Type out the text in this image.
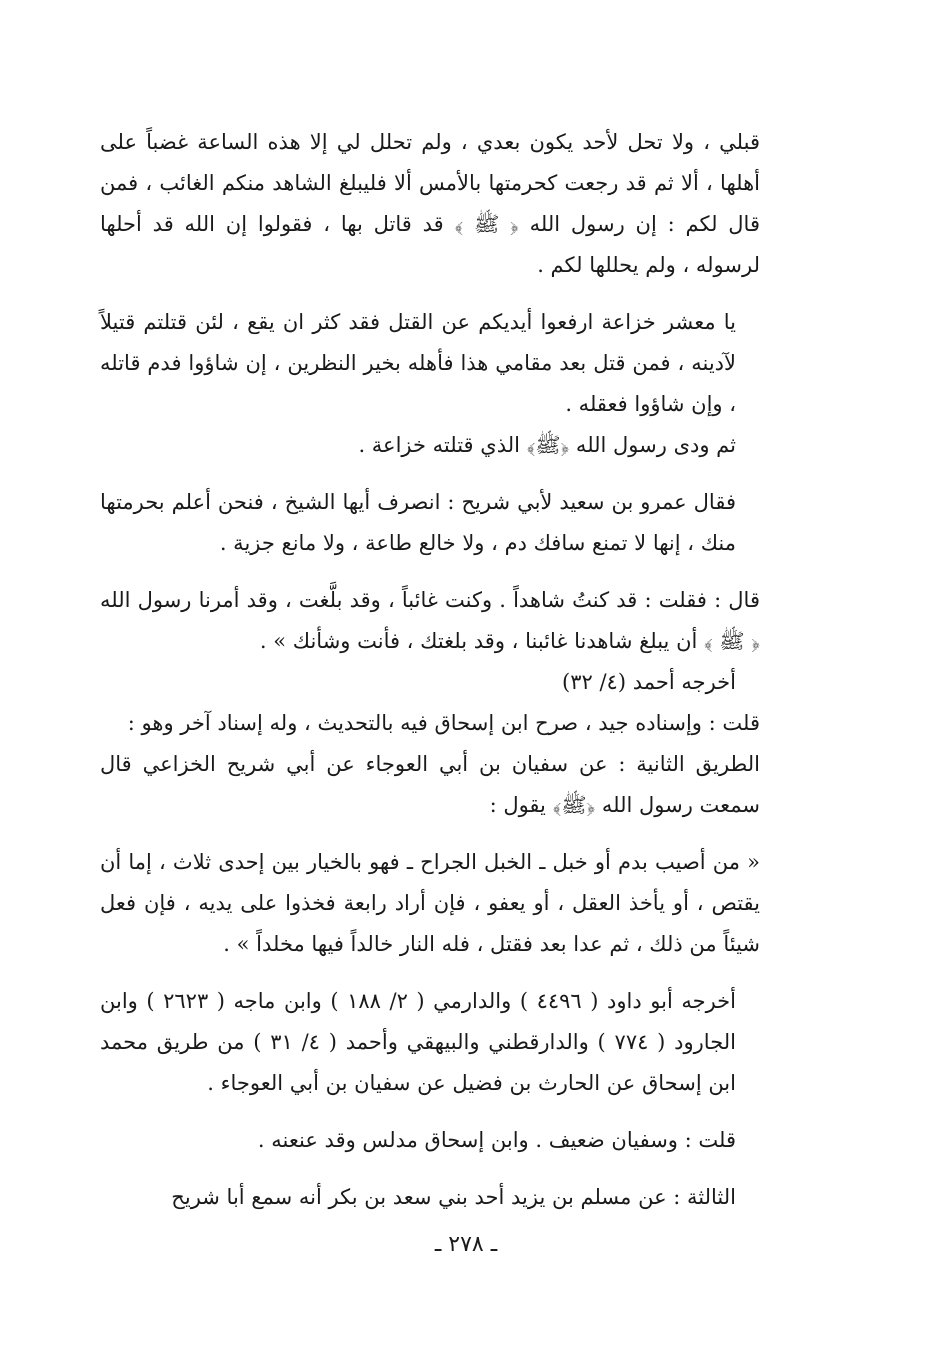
قبلي ، ولا تحل لأحد يكون بعدي ، ولم تحلل لي إلا هذه الساعة غضباً على أهلها ، ألا ثم قد رجعت كحرمتها بالأمس ألا فليبلغ الشاهد منكم الغائب ، فمن قال لكم : إن رسول الله ﴿ ﷺ ﴾ قد قاتل بها ، فقولوا إن الله قد أحلها لرسوله ، ولم يحللها لكم .

يا معشر خزاعة ارفعوا أيديكم عن القتل فقد كثر ان يقع ، لئن قتلتم قتيلاً لآدينه ، فمن قتل بعد مقامي هذا فأهله بخير النظرين ، إن شاؤوا فدم قاتله ، وإن شاؤوا فعقله .

ثم ودى رسول الله ﴿ﷺ﴾ الذي قتلته خزاعة .

فقال عمرو بن سعيد لأبي شريح : انصرف أيها الشيخ ، فنحن أعلم بحرمتها منك ، إنها لا تمنع سافك دم ، ولا خالع طاعة ، ولا مانع جزية .

قال : فقلت : قد كنتُ شاهداً . وكنت غائباً ، وقد بلَّغت ، وقد أمرنا رسول الله ﴿ ﷺ ﴾ أن يبلغ شاهدنا غائبنا ، وقد بلغتك ، فأنت وشأنك » .

أخرجه أحمد (٤/ ٣٢)

قلت : وإسناده جيد ، صرح ابن إسحاق فيه بالتحديث ، وله إسناد آخر وهو :

الطريق الثانية : عن سفيان بن أبي العوجاء عن أبي شريح الخزاعي قال سمعت رسول الله ﴿ﷺ﴾ يقول :

« من أصيب بدم أو خبل ـ الخبل الجراح ـ فهو بالخيار بين إحدى ثلاث ، إما أن يقتص ، أو يأخذ العقل ، أو يعفو ، فإن أراد رابعة فخذوا على يديه ، فإن فعل شيئاً من ذلك ، ثم عدا بعد فقتل ، فله النار خالداً فيها مخلداً » .

أخرجه أبو داود ( ٤٤٩٦ ) والدارمي ( ٢/ ١٨٨ ) وابن ماجه ( ٢٦٢٣ ) وابن الجارود ( ٧٧٤ ) والدارقطني والبيهقي وأحمد ( ٤/ ٣١ ) من طريق محمد ابن إسحاق عن الحارث بن فضيل عن سفيان بن أبي العوجاء .

قلت : وسفيان ضعيف . وابن إسحاق مدلس وقد عنعنه .

الثالثة : عن مسلم بن يزيد أحد بني سعد بن بكر أنه سمع أبا شريح

ـ ٢٧٨ ـ
